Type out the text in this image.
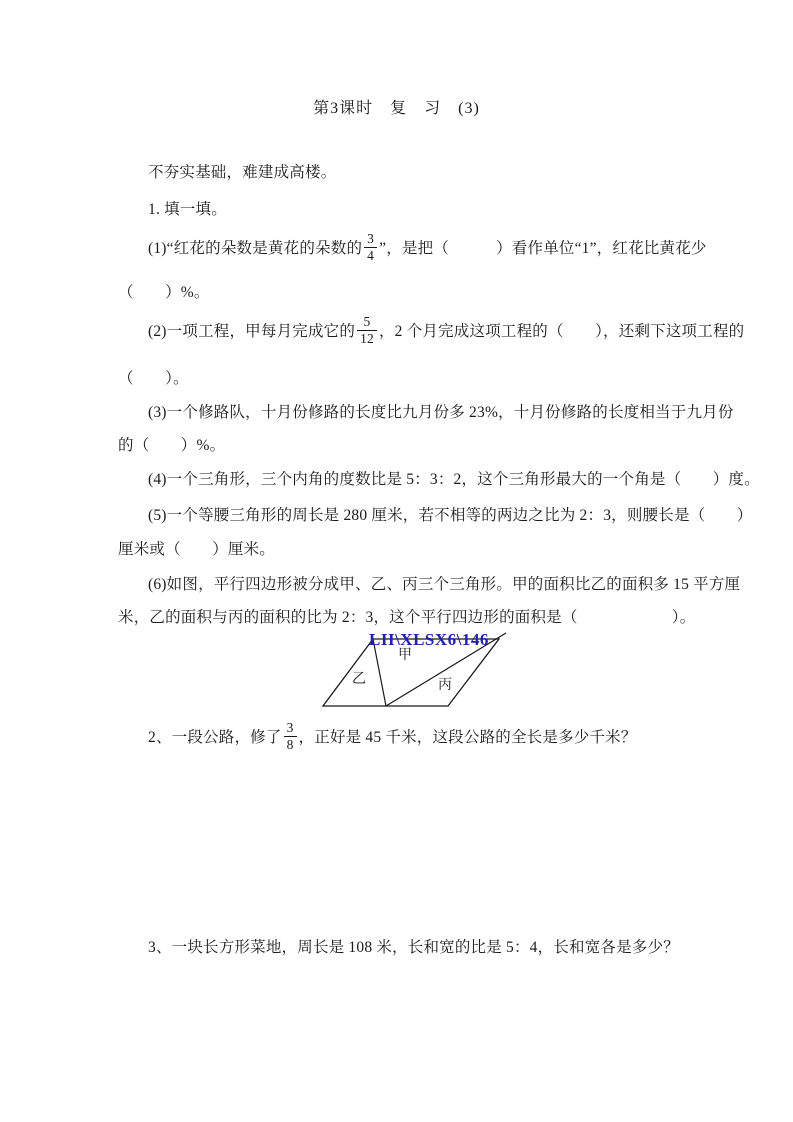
第3课时　复　习　(3)
不夯实基础，难建成高楼。
1. 填一填。
(1)“红花的朵数是黄花的朵数的 $\frac{3}{4}$ ”，是把（　　　）看作单位“1”，红花比黄花少
（　　）%。
(2)一项工程，甲每月完成它的 $\frac{5}{12}$ ，2 个月完成这项工程的（　　），还剩下这项工程的
（　　）。
(3)一个修路队，十月份修路的长度比九月份多 23%，十月份修路的长度相当于九月份
的（　　）%。
(4)一个三角形，三个内角的度数比是 5：3：2，这个三角形最大的一个角是（　　）度。
(5)一个等腰三角形的周长是 280 厘米，若不相等的两边之比为 2：3，则腰长是（　　）
厘米或（　　）厘米。
(6)如图，平行四边形被分成甲、乙、丙三个三角形。甲的面积比乙的面积多 15 平方厘
米，乙的面积与丙的面积的比为 2：3，这个平行四边形的面积是（　　　　　　）。
LII\XLSX6\146
甲
乙	丙
2、一段公路，修了 $\frac{3}{8}$ ，正好是 45 千米，这段公路的全长是多少千米？
3、一块长方形菜地，周长是 108 米，长和宽的比是 5：4，长和宽各是多少？
